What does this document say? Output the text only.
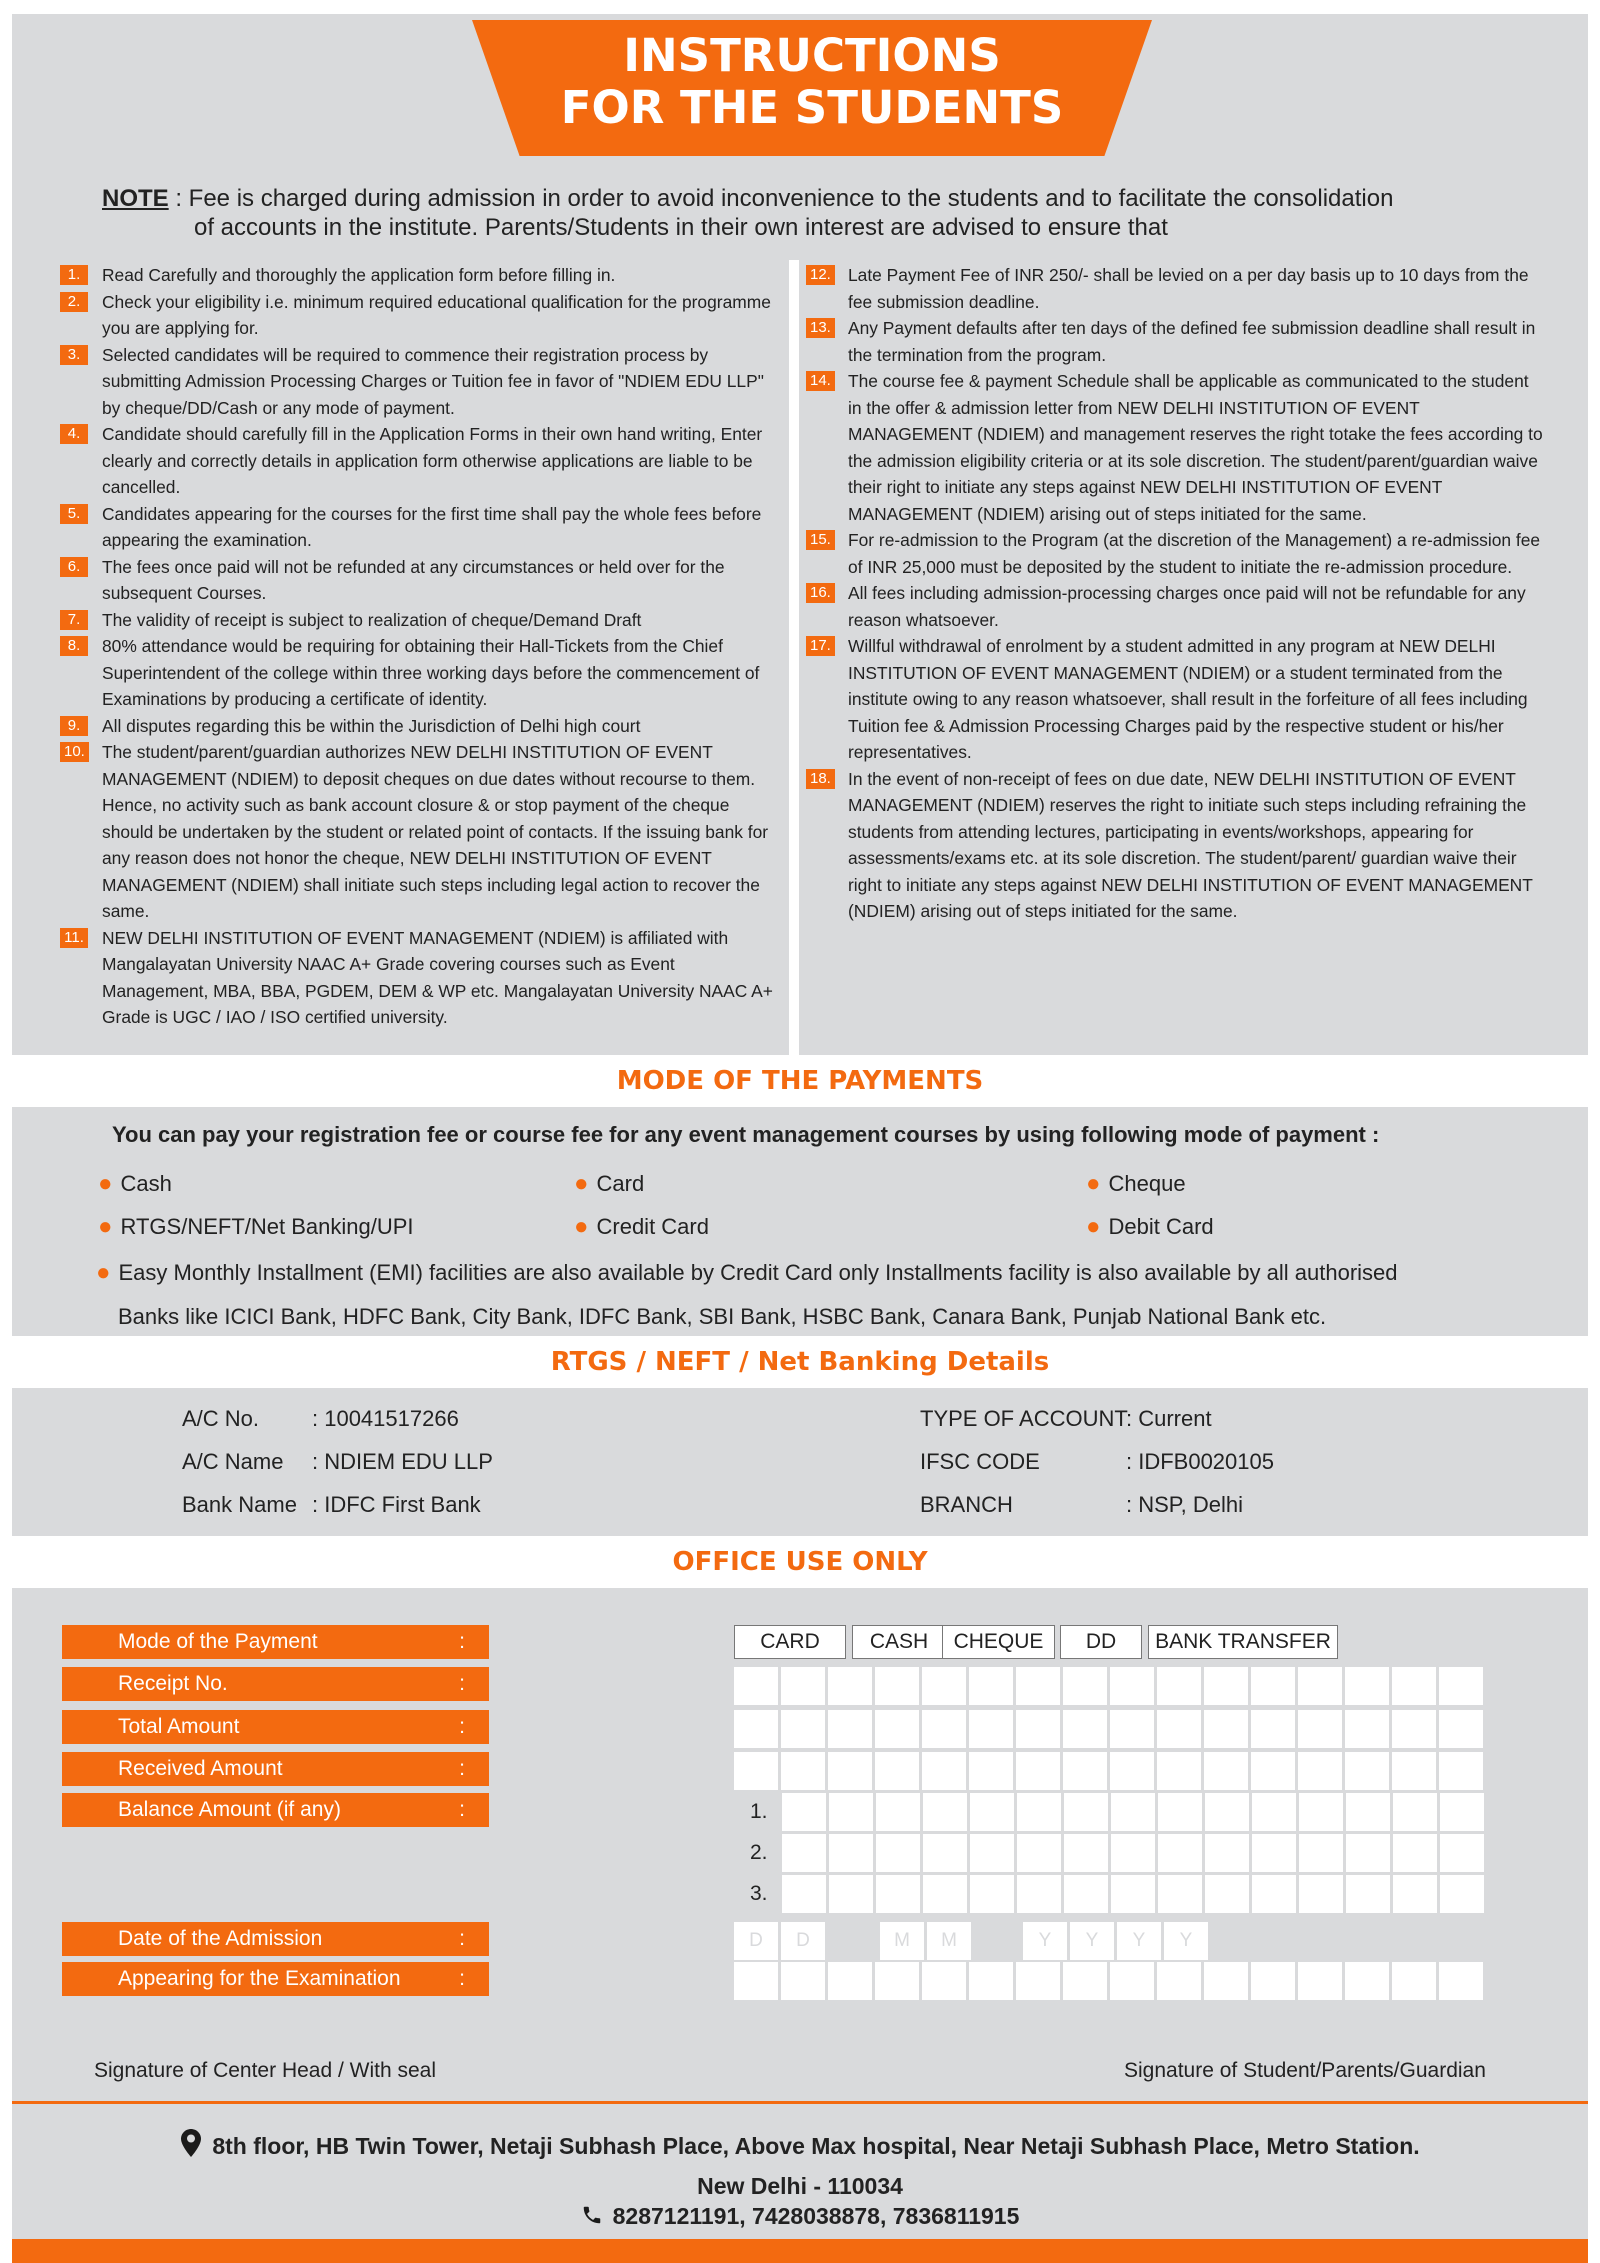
INSTRUCTIONS
FOR THE STUDENTS
NOTE : Fee is charged during admission in order to avoid inconvenience to the students and to facilitate the consolidation
of accounts in the institute. Parents/Students in their own interest are advised to ensure that
1.	Read Carefully and thoroughly the application form before filling in.
2.	Check your eligibility i.e. minimum required educational qualification for the programme you are applying for.
3.	Selected candidates will be required to commence their registration process by submitting Admission Processing Charges or Tuition fee in favor of "NDIEM EDU LLP" by cheque/DD/Cash or any mode of payment.
4.	Candidate should carefully fill in the Application Forms in their own hand writing, Enter clearly and correctly details in application form otherwise applications are liable to be cancelled.
5.	Candidates appearing for the courses for the first time shall pay the whole fees before appearing the examination.
6.	The fees once paid will not be refunded at any circumstances or held over for the subsequent Courses.
7.	The validity of receipt is subject to realization of cheque/Demand Draft
8.	80% attendance would be requiring for obtaining their Hall-Tickets from the Chief Superintendent of the college within three working days before the commencement of Examinations by producing a certificate of identity.
9.	All disputes regarding this be within the Jurisdiction of Delhi high court
10. The student/parent/guardian authorizes NEW DELHI INSTITUTION OF EVENT MANAGEMENT (NDIEM) to deposit cheques on due dates without recourse to them. Hence, no activity such as bank account closure & or stop payment of the cheque should be undertaken by the student or related point of contacts. If the issuing bank for any reason does not honor the cheque, NEW DELHI INSTITUTION OF EVENT MANAGEMENT (NDIEM) shall initiate such steps including legal action to recover the same.
11. NEW DELHI INSTITUTION OF EVENT MANAGEMENT (NDIEM) is affiliated with Mangalayatan University NAAC A+ Grade covering courses such as Event Management, MBA, BBA, PGDEM, DEM & WP etc. Mangalayatan University NAAC A+ Grade is UGC / IAO / ISO certified university.
12. Late Payment Fee of INR 250/- shall be levied on a per day basis up to 10 days from the fee submission deadline.
13. Any Payment defaults after ten days of the defined fee submission deadline shall result in the termination from the program.
14. The course fee & payment Schedule shall be applicable as communicated to the student in the offer & admission letter from NEW DELHI INSTITUTION OF EVENT MANAGEMENT (NDIEM) and management reserves the right totake the fees according to the admission eligibility criteria or at its sole discretion. The student/parent/guardian waive their right to initiate any steps against NEW DELHI INSTITUTION OF EVENT MANAGEMENT (NDIEM) arising out of steps initiated for the same.
15. For re-admission to the Program (at the discretion of the Management) a re-admission fee of INR 25,000 must be deposited by the student to initiate the re-admission procedure.
16. All fees including admission-processing charges once paid will not be refundable for any reason whatsoever.
17. Willful withdrawal of enrolment by a student admitted in any program at NEW DELHI INSTITUTION OF EVENT MANAGEMENT (NDIEM) or a student terminated from the institute owing to any reason whatsoever, shall result in the forfeiture of all fees including Tuition fee & Admission Processing Charges paid by the respective student or his/her representatives.
18. In the event of non-receipt of fees on due date, NEW DELHI INSTITUTION OF EVENT MANAGEMENT (NDIEM) reserves the right to initiate such steps including refraining the students from attending lectures, participating in events/workshops, appearing for assessments/exams etc. at its sole discretion. The student/parent/ guardian waive their right to initiate any steps against NEW DELHI INSTITUTION OF EVENT MANAGEMENT (NDIEM) arising out of steps initiated for the same.
MODE OF THE PAYMENTS
You can pay your registration fee or course fee for any event management courses by using following mode of payment :
● Cash	● Card	● Cheque
● RTGS/NEFT/Net Banking/UPI	● Credit Card	● Debit Card
● Easy Monthly Installment (EMI) facilities are also available by Credit Card only Installments facility is also available by all authorised
Banks like ICICI Bank, HDFC Bank, City Bank, IDFC Bank, SBI Bank, HSBC Bank, Canara Bank, Punjab National Bank etc.
RTGS / NEFT / Net Banking Details
A/C No. : 10041517266
A/C Name : NDIEM EDU LLP
Bank Name : IDFC First Bank
TYPE OF ACCOUNT: Current
IFSC CODE	: IDFB0020105
BRANCH	: NSP, Delhi
OFFICE USE ONLY
Mode of the Payment	:
Receipt No.	:
Total Amount	:
Received Amount	:
Balance Amount (if any)	:
Date of the Admission	:
Appearing for the Examination	:
CARD	CASH	CHEQUE	DD	BANK TRANSFER
1.
2.
3.
D	D	M	M	Y	Y	Y	Y
Signature of Center Head / With seal	Signature of Student/Parents/Guardian
8th floor, HB Twin Tower, Netaji Subhash Place, Above Max hospital, Near Netaji Subhash Place, Metro Station.
New Delhi - 110034
8287121191, 7428038878, 7836811915
